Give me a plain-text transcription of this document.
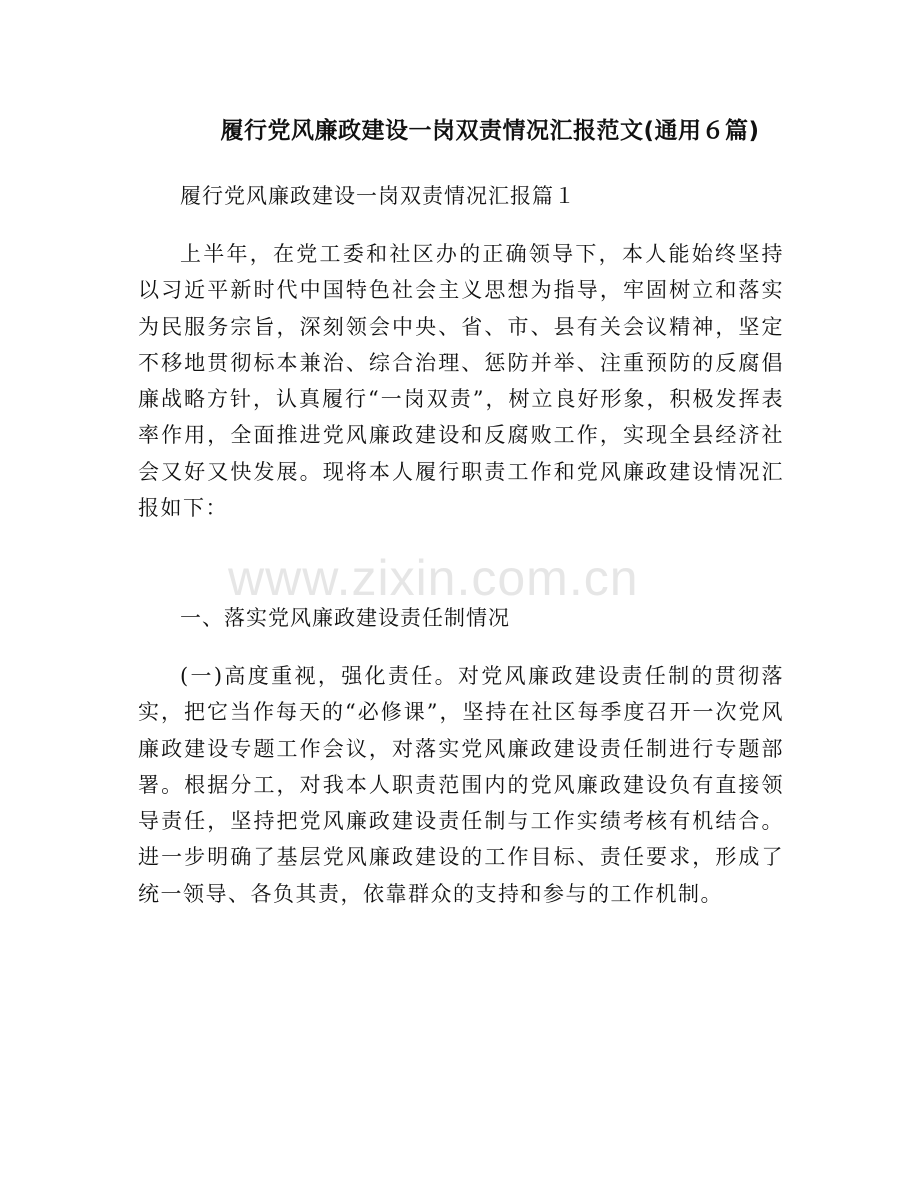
履行党风廉政建设一岗双责情况汇报范文(通用６篇)
履行党风廉政建设一岗双责情况汇报篇１

上半年，在党工委和社区办的正确领导下，本人能始终坚持以习近平新时代中国特色社会主义思想为指导，牢固树立和落实为民服务宗旨，深刻领会中央、省、市、县有关会议精神，坚定不移地贯彻标本兼治、综合治理、惩防并举、注重预防的反腐倡廉战略方针，认真履行“一岗双责”，树立良好形象，积极发挥表率作用，全面推进党风廉政建设和反腐败工作，实现全县经济社会又好又快发展。现将本人履行职责工作和党风廉政建设情况汇报如下：

一、落实党风廉政建设责任制情况

(一)高度重视，强化责任。对党风廉政建设责任制的贯彻落实，把它当作每天的“必修课”，坚持在社区每季度召开一次党风廉政建设专题工作会议，对落实党风廉政建设责任制进行专题部署。根据分工，对我本人职责范围内的党风廉政建设负有直接领导责任，坚持把党风廉政建设责任制与工作实绩考核有机结合。进一步明确了基层党风廉政建设的工作目标、责任要求，形成了统一领导、各负其责，依靠群众的支持和参与的工作机制。

www.zixin.com.cn
